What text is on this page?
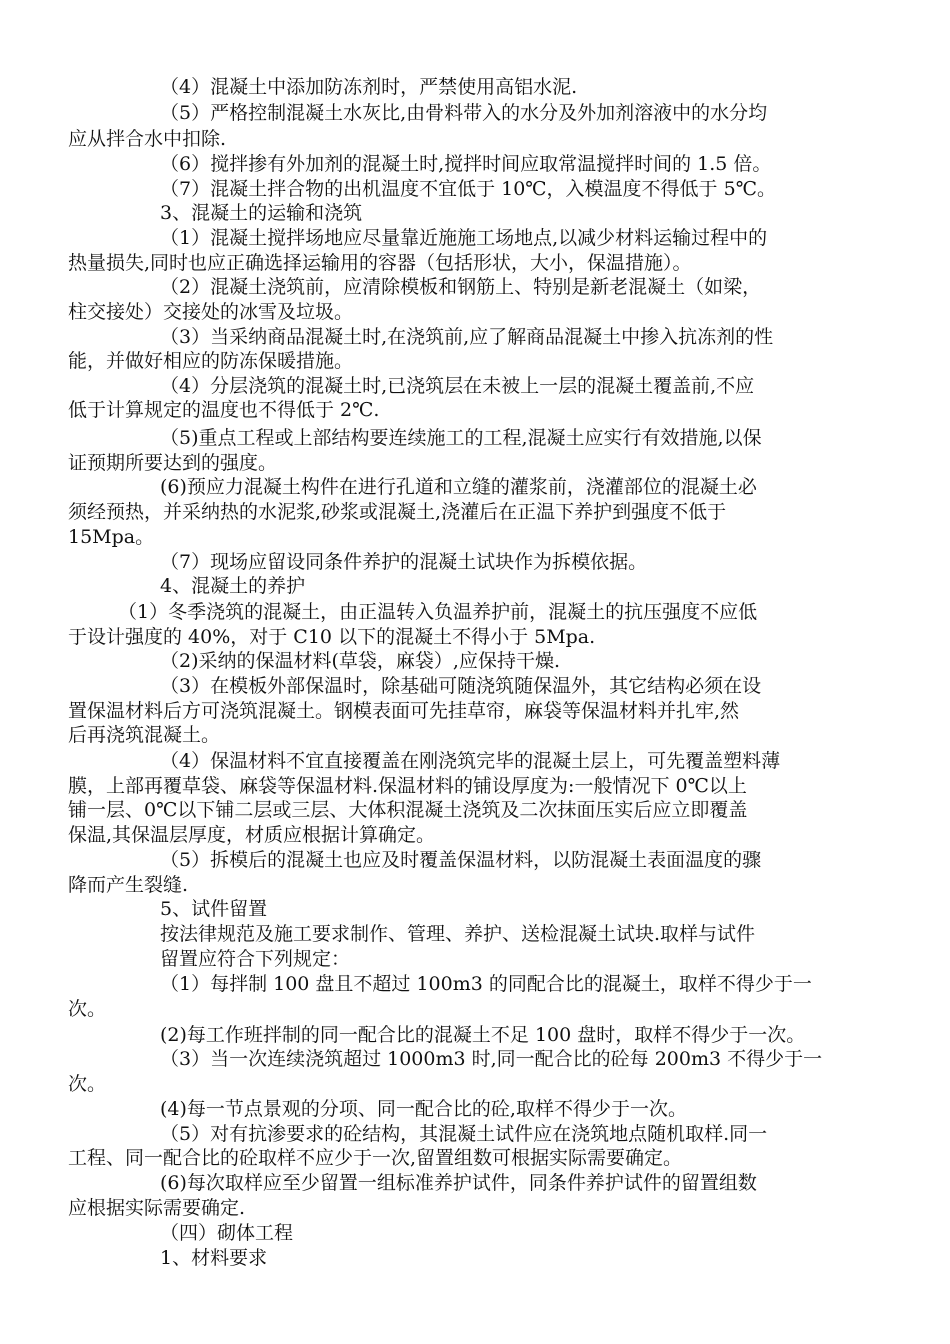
（4）混凝土中添加防冻剂时，严禁使用高铝水泥.
（5）严格控制混凝土水灰比,由骨料带入的水分及外加剂溶液中的水分均
应从拌合水中扣除.
（6）搅拌掺有外加剂的混凝土时,搅拌时间应取常温搅拌时间的 1.5 倍。
（7）混凝土拌合物的出机温度不宜低于 10℃，入模温度不得低于 5℃。
3、混凝土的运输和浇筑
（1）混凝土搅拌场地应尽量靠近施施工场地点,以减少材料运输过程中的
热量损失,同时也应正确选择运输用的容器（包括形状，大小，保温措施）。
（2）混凝土浇筑前，应清除模板和钢筋上、特别是新老混凝土（如梁，
柱交接处）交接处的冰雪及垃圾。
（3）当采纳商品混凝土时,在浇筑前,应了解商品混凝土中掺入抗冻剂的性
能，并做好相应的防冻保暖措施。
（4）分层浇筑的混凝土时,已浇筑层在未被上一层的混凝土覆盖前,不应
低于计算规定的温度也不得低于 2℃.
（5)重点工程或上部结构要连续施工的工程,混凝土应实行有效措施,以保
证预期所要达到的强度。
(6)预应力混凝土构件在进行孔道和立缝的灌浆前，浇灌部位的混凝土必
须经预热，并采纳热的水泥浆,砂浆或混凝土,浇灌后在正温下养护到强度不低于
15Mpa。
（7）现场应留设同条件养护的混凝土试块作为拆模依据。
4、混凝土的养护
（1）冬季浇筑的混凝土，由正温转入负温养护前，混凝土的抗压强度不应低
于设计强度的 40%，对于 C10 以下的混凝土不得小于 5Mpa.
（2)采纳的保温材料(草袋，麻袋）,应保持干燥.
（3）在模板外部保温时，除基础可随浇筑随保温外，其它结构必须在设
置保温材料后方可浇筑混凝土。钢模表面可先挂草帘，麻袋等保温材料并扎牢,然
后再浇筑混凝土。
（4）保温材料不宜直接覆盖在刚浇筑完毕的混凝土层上，可先覆盖塑料薄
膜，上部再覆草袋、麻袋等保温材料.保温材料的铺设厚度为:一般情况下 0℃以上
铺一层、0℃以下铺二层或三层、大体积混凝土浇筑及二次抹面压实后应立即覆盖
保温,其保温层厚度，材质应根据计算确定。
（5）拆模后的混凝土也应及时覆盖保温材料，以防混凝土表面温度的骤
降而产生裂缝.
5、试件留置
按法律规范及施工要求制作、管理、养护、送检混凝土试块.取样与试件
留置应符合下列规定：
（1）每拌制 100 盘且不超过 100m3 的同配合比的混凝土，取样不得少于一
次。
(2)每工作班拌制的同一配合比的混凝土不足 100 盘时，取样不得少于一次。
（3）当一次连续浇筑超过 1000m3 时,同一配合比的砼每 200m3 不得少于一
次。
(4)每一节点景观的分项、同一配合比的砼,取样不得少于一次。
（5）对有抗渗要求的砼结构，其混凝土试件应在浇筑地点随机取样.同一
工程、同一配合比的砼取样不应少于一次,留置组数可根据实际需要确定。
(6)每次取样应至少留置一组标准养护试件，同条件养护试件的留置组数
应根据实际需要确定.
（四）砌体工程
1、材料要求
